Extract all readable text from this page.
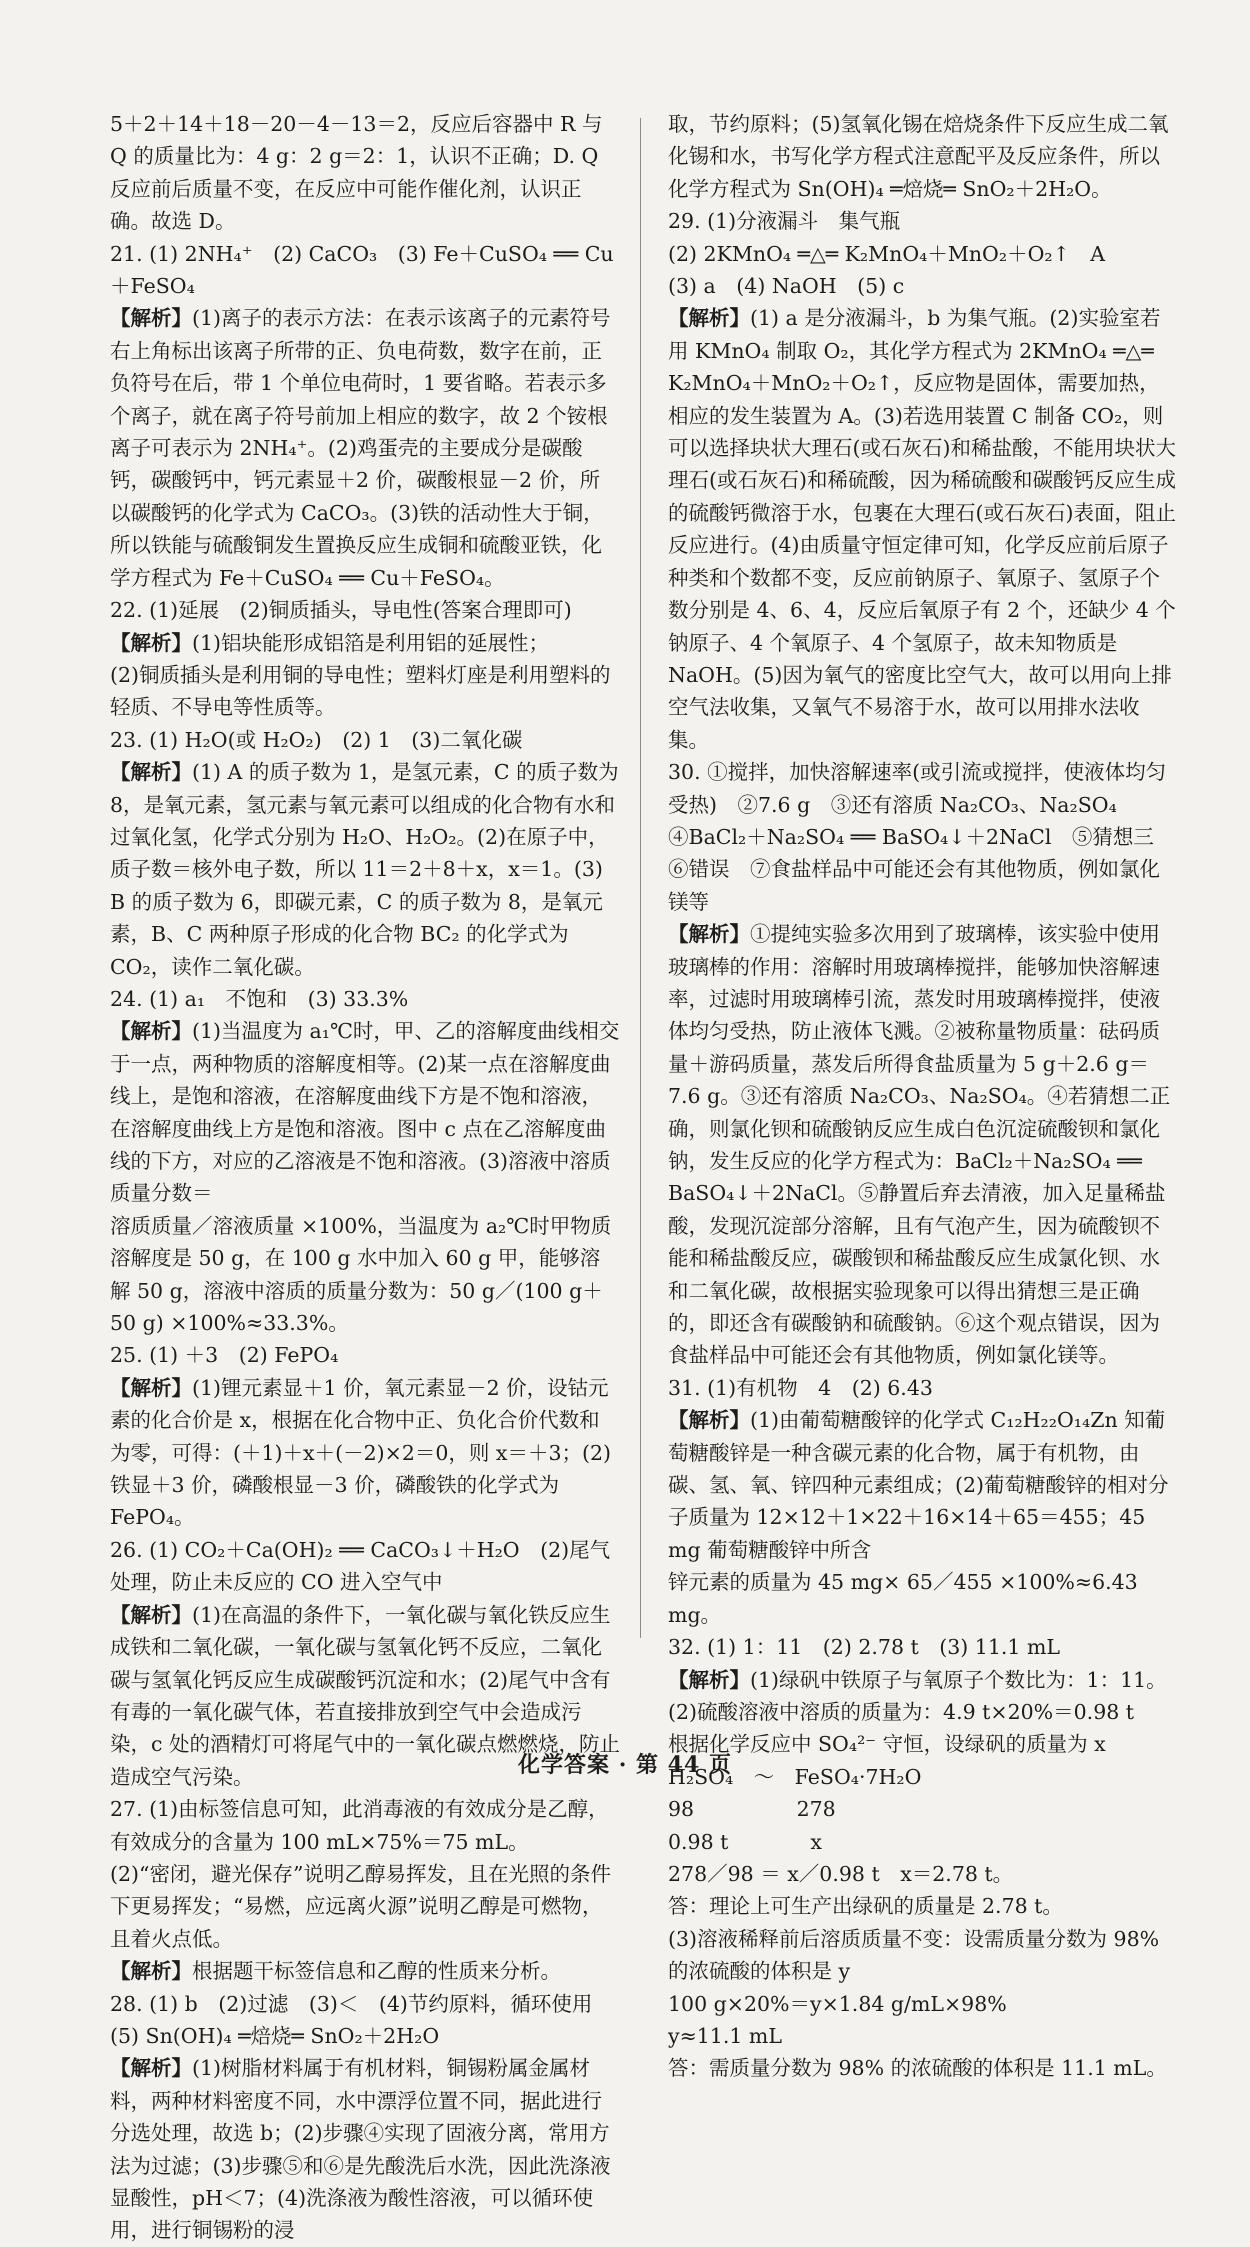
5＋2＋14＋18－20－4－13＝2，反应后容器中 R 与 Q 的质量比为：4 g：2 g＝2：1，认识不正确；D. Q 反应前后质量不变，在反应中可能作催化剂，认识正确。故选 D。

21. (1) 2NH₄⁺　(2) CaCO₃　(3) Fe＋CuSO₄ ══ Cu＋FeSO₄

【解析】(1)离子的表示方法：在表示该离子的元素符号右上角标出该离子所带的正、负电荷数，数字在前，正负符号在后，带 1 个单位电荷时，1 要省略。若表示多个离子，就在离子符号前加上相应的数字，故 2 个铵根离子可表示为 2NH₄⁺。(2)鸡蛋壳的主要成分是碳酸钙，碳酸钙中，钙元素显＋2 价，碳酸根显－2 价，所以碳酸钙的化学式为 CaCO₃。(3)铁的活动性大于铜，所以铁能与硫酸铜发生置换反应生成铜和硫酸亚铁，化学方程式为 Fe＋CuSO₄ ══ Cu＋FeSO₄。

22. (1)延展　(2)铜质插头，导电性(答案合理即可)

【解析】(1)铝块能形成铝箔是利用铝的延展性；

(2)铜质插头是利用铜的导电性；塑料灯座是利用塑料的轻质、不导电等性质等。

23. (1) H₂O(或 H₂O₂)　(2) 1　(3)二氧化碳

【解析】(1) A 的质子数为 1，是氢元素，C 的质子数为 8，是氧元素，氢元素与氧元素可以组成的化合物有水和过氧化氢，化学式分别为 H₂O、H₂O₂。(2)在原子中，质子数＝核外电子数，所以 11＝2＋8＋x，x＝1。(3) B 的质子数为 6，即碳元素，C 的质子数为 8，是氧元素，B、C 两种原子形成的化合物 BC₂ 的化学式为 CO₂，读作二氧化碳。

24. (1) a₁　不饱和　(3) 33.3%

【解析】(1)当温度为 a₁℃时，甲、乙的溶解度曲线相交于一点，两种物质的溶解度相等。(2)某一点在溶解度曲线上，是饱和溶液，在溶解度曲线下方是不饱和溶液，在溶解度曲线上方是饱和溶液。图中 c 点在乙溶解度曲线的下方，对应的乙溶液是不饱和溶液。(3)溶液中溶质质量分数＝

溶质质量／溶液质量 ×100%，当温度为 a₂℃时甲物质溶解度是 50 g，在 100 g 水中加入 60 g 甲，能够溶解 50 g，溶液中溶质的质量分数为：50 g／(100 g＋50 g) ×100%≈33.3%。

25. (1) ＋3　(2) FePO₄

【解析】(1)锂元素显＋1 价，氧元素显－2 价，设钴元素的化合价是 x，根据在化合物中正、负化合价代数和为零，可得：(＋1)＋x＋(－2)×2＝0，则 x＝＋3；(2)铁显＋3 价，磷酸根显－3 价，磷酸铁的化学式为 FePO₄。

26. (1) CO₂＋Ca(OH)₂ ══ CaCO₃↓＋H₂O　(2)尾气处理，防止未反应的 CO 进入空气中

【解析】(1)在高温的条件下，一氧化碳与氧化铁反应生成铁和二氧化碳，一氧化碳与氢氧化钙不反应，二氧化碳与氢氧化钙反应生成碳酸钙沉淀和水；(2)尾气中含有有毒的一氧化碳气体，若直接排放到空气中会造成污染，c 处的酒精灯可将尾气中的一氧化碳点燃燃烧，防止造成空气污染。

27. (1)由标签信息可知，此消毒液的有效成分是乙醇，有效成分的含量为 100 mL×75%＝75 mL。

(2)“密闭，避光保存”说明乙醇易挥发，且在光照的条件下更易挥发；“易燃，应远离火源”说明乙醇是可燃物，且着火点低。

【解析】根据题干标签信息和乙醇的性质来分析。

28. (1) b　(2)过滤　(3)＜　(4)节约原料，循环使用

(5) Sn(OH)₄ ═焙烧═ SnO₂＋2H₂O

【解析】(1)树脂材料属于有机材料，铜锡粉属金属材料，两种材料密度不同，水中漂浮位置不同，据此进行分选处理，故选 b；(2)步骤④实现了固液分离，常用方法为过滤；(3)步骤⑤和⑥是先酸洗后水洗，因此洗涤液显酸性，pH＜7；(4)洗涤液为酸性溶液，可以循环使用，进行铜锡粉的浸

取，节约原料；(5)氢氧化锡在焙烧条件下反应生成二氧化锡和水，书写化学方程式注意配平及反应条件，所以化学方程式为 Sn(OH)₄ ═焙烧═ SnO₂＋2H₂O。

29. (1)分液漏斗　集气瓶

(2) 2KMnO₄ ═△═ K₂MnO₄＋MnO₂＋O₂↑　A

(3) a　(4) NaOH　(5) c

【解析】(1) a 是分液漏斗，b 为集气瓶。(2)实验室若用 KMnO₄ 制取 O₂，其化学方程式为 2KMnO₄ ═△═ K₂MnO₄＋MnO₂＋O₂↑，反应物是固体，需要加热，相应的发生装置为 A。(3)若选用装置 C 制备 CO₂，则可以选择块状大理石(或石灰石)和稀盐酸，不能用块状大理石(或石灰石)和稀硫酸，因为稀硫酸和碳酸钙反应生成的硫酸钙微溶于水，包裹在大理石(或石灰石)表面，阻止反应进行。(4)由质量守恒定律可知，化学反应前后原子种类和个数都不变，反应前钠原子、氧原子、氢原子个数分别是 4、6、4，反应后氧原子有 2 个，还缺少 4 个钠原子、4 个氧原子、4 个氢原子，故未知物质是 NaOH。(5)因为氧气的密度比空气大，故可以用向上排空气法收集，又氧气不易溶于水，故可以用排水法收集。

30. ①搅拌，加快溶解速率(或引流或搅拌，使液体均匀受热)　②7.6 g　③还有溶质 Na₂CO₃、Na₂SO₄　④BaCl₂＋Na₂SO₄ ══ BaSO₄↓＋2NaCl　⑤猜想三　⑥错误　⑦食盐样品中可能还会有其他物质，例如氯化镁等

【解析】①提纯实验多次用到了玻璃棒，该实验中使用玻璃棒的作用：溶解时用玻璃棒搅拌，能够加快溶解速率，过滤时用玻璃棒引流，蒸发时用玻璃棒搅拌，使液体均匀受热，防止液体飞溅。②被称量物质量：砝码质量＋游码质量，蒸发后所得食盐质量为 5 g＋2.6 g＝7.6 g。③还有溶质 Na₂CO₃、Na₂SO₄。④若猜想二正确，则氯化钡和硫酸钠反应生成白色沉淀硫酸钡和氯化钠，发生反应的化学方程式为：BaCl₂＋Na₂SO₄ ══ BaSO₄↓＋2NaCl。⑤静置后弃去清液，加入足量稀盐酸，发现沉淀部分溶解，且有气泡产生，因为硫酸钡不能和稀盐酸反应，碳酸钡和稀盐酸反应生成氯化钡、水和二氧化碳，故根据实验现象可以得出猜想三是正确的，即还含有碳酸钠和硫酸钠。⑥这个观点错误，因为食盐样品中可能还会有其他物质，例如氯化镁等。

31. (1)有机物　4　(2) 6.43

【解析】(1)由葡萄糖酸锌的化学式 C₁₂H₂₂O₁₄Zn 知葡萄糖酸锌是一种含碳元素的化合物，属于有机物，由碳、氢、氧、锌四种元素组成；(2)葡萄糖酸锌的相对分子质量为 12×12＋1×22＋16×14＋65＝455；45 mg 葡萄糖酸锌中所含

锌元素的质量为 45 mg× 65／455 ×100%≈6.43 mg。

32. (1) 1：11　(2) 2.78 t　(3) 11.1 mL

【解析】(1)绿矾中铁原子与氧原子个数比为：1：11。

(2)硫酸溶液中溶质的质量为：4.9 t×20%＝0.98 t

根据化学反应中 SO₄²⁻ 守恒，设绿矾的质量为 x

H₂SO₄　～　FeSO₄·7H₂O

98　　　　　278

0.98 t　　　　x

278／98 ＝ x／0.98 t　x＝2.78 t。

答：理论上可生产出绿矾的质量是 2.78 t。

(3)溶液稀释前后溶质质量不变：设需质量分数为 98% 的浓硫酸的体积是 y

100 g×20%＝y×1.84 g/mL×98%

y≈11.1 mL

答：需质量分数为 98% 的浓硫酸的体积是 11.1 mL。

化学答案 · 第 44 页
